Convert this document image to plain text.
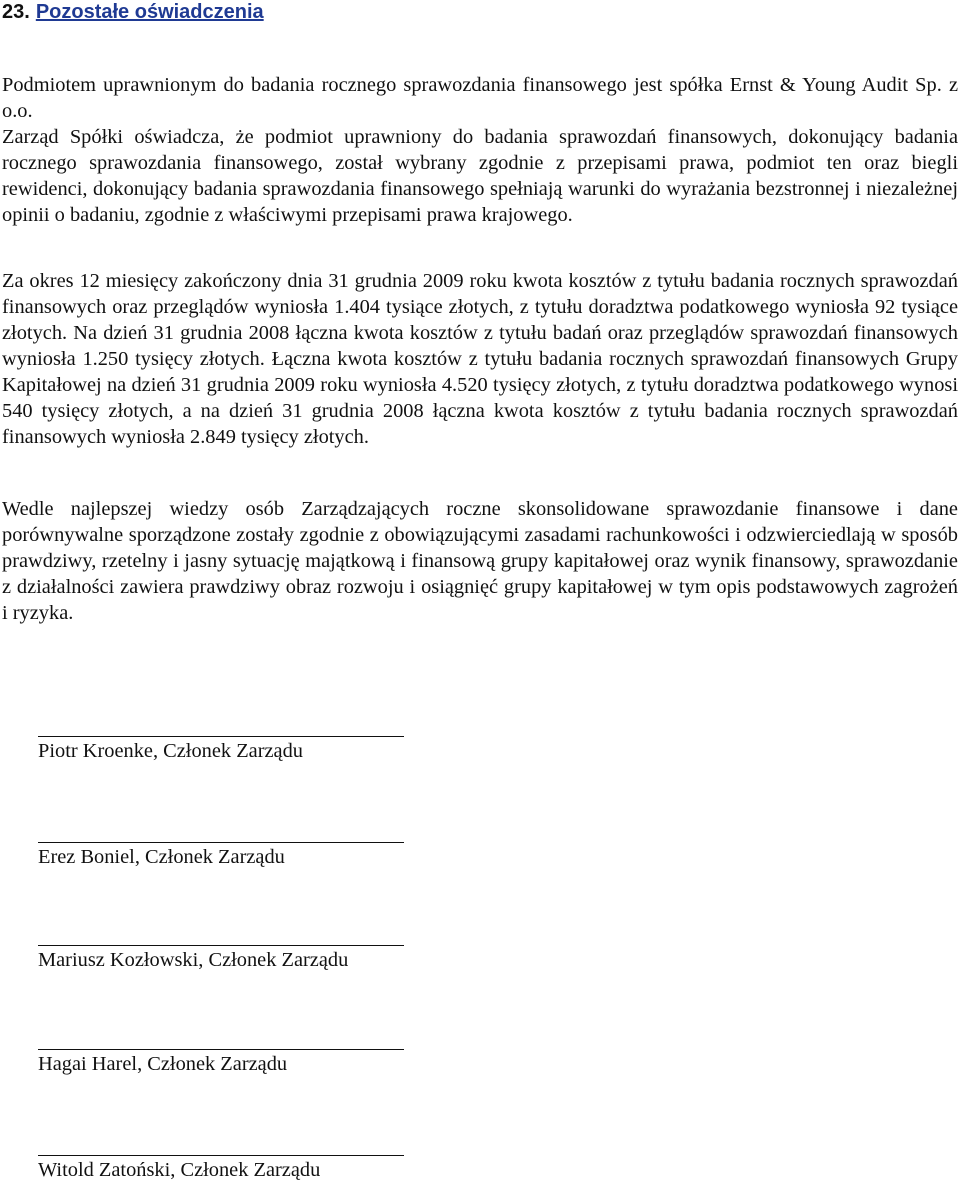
23. Pozostałe oświadczenia

Podmiotem uprawnionym do badania rocznego sprawozdania finansowego jest spółka Ernst & Young Audit Sp. z o.o.

Zarząd Spółki oświadcza, że podmiot uprawniony do badania sprawozdań finansowych, dokonujący badania rocznego sprawozdania finansowego, został wybrany zgodnie z przepisami prawa, podmiot ten oraz biegli rewidenci, dokonujący badania sprawozdania finansowego spełniają warunki do wyrażania bezstronnej i niezależnej opinii o badaniu, zgodnie z właściwymi przepisami prawa krajowego.

Za okres 12 miesięcy zakończony dnia 31 grudnia 2009 roku kwota kosztów z tytułu badania rocznych sprawozdań finansowych oraz przeglądów wyniosła 1.404 tysiące złotych, z tytułu doradztwa podatkowego wyniosła 92 tysiące złotych. Na dzień 31 grudnia 2008 łączna kwota kosztów z tytułu badań oraz przeglądów sprawozdań finansowych wyniosła 1.250 tysięcy złotych. Łączna kwota kosztów z tytułu badania rocznych sprawozdań finansowych Grupy Kapitałowej na dzień 31 grudnia 2009 roku wyniosła 4.520 tysięcy złotych, z tytułu doradztwa podatkowego wynosi 540 tysięcy złotych, a na dzień 31 grudnia 2008 łączna kwota kosztów z tytułu badania rocznych sprawozdań finansowych wyniosła 2.849 tysięcy złotych.

Wedle najlepszej wiedzy osób Zarządzających roczne skonsolidowane sprawozdanie finansowe i dane porównywalne sporządzone zostały zgodnie z obowiązującymi zasadami rachunkowości i odzwierciedlają w sposób prawdziwy, rzetelny i jasny sytuację majątkową i finansową grupy kapitałowej oraz wynik finansowy, sprawozdanie z działalności zawiera prawdziwy obraz rozwoju i osiągnięć grupy kapitałowej w tym opis podstawowych zagrożeń i ryzyka.

Piotr Kroenke, Członek Zarządu

Erez Boniel, Członek Zarządu

Mariusz Kozłowski, Członek Zarządu

Hagai Harel, Członek Zarządu

Witold Zatoński, Członek Zarządu
